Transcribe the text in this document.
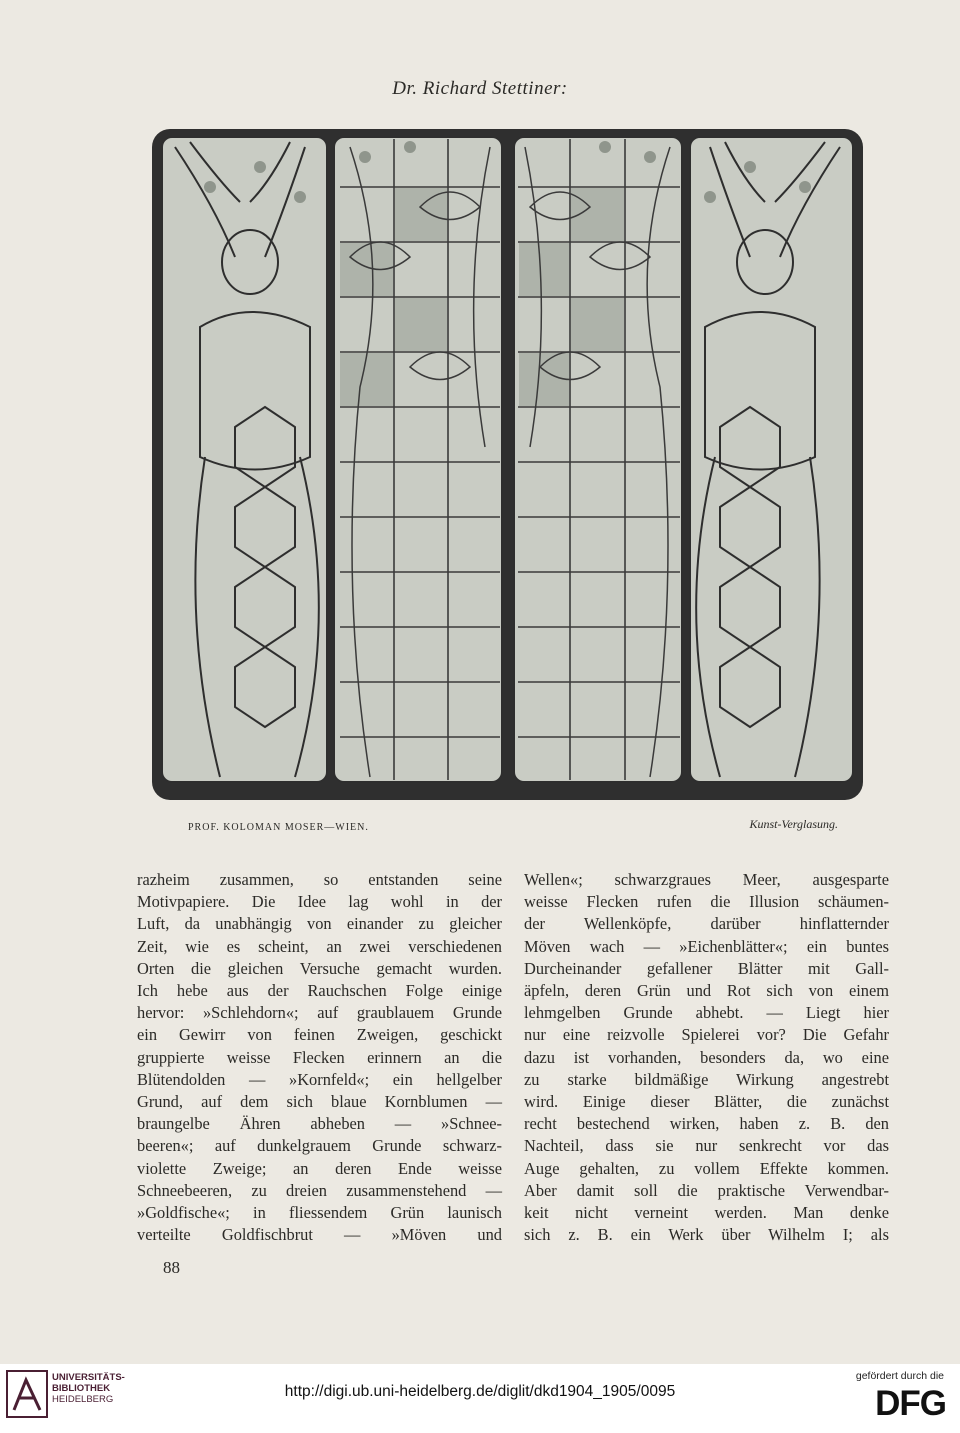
Dr. Richard Stettiner:
PROF. KOLOMAN MOSER—WIEN.	Kunst-Verglasung.
razheim zusammen, so entstanden seine
Motivpapiere. Die Idee lag wohl in der
Luft, da unabhängig von einander zu gleicher
Zeit, wie es scheint, an zwei verschiedenen
Orten die gleichen Versuche gemacht wurden.
Ich hebe aus der Rauchschen Folge einige
hervor: »Schlehdorn«; auf graublauem Grunde
ein Gewirr von feinen Zweigen, geschickt
gruppierte weisse Flecken erinnern an die
Blütendolden — »Kornfeld«; ein hellgelber
Grund, auf dem sich blaue Kornblumen —
braungelbe Ähren abheben — »Schnee-
beeren«; auf dunkelgrauem Grunde schwarz-
violette Zweige; an deren Ende weisse
Schneebeeren, zu dreien zusammenstehend —
»Goldfische«; in fliessendem Grün launisch
verteilte Goldfischbrut — »Möven und
Wellen«; schwarzgraues Meer, ausgesparte
weisse Flecken rufen die Illusion schäumen-
der Wellenköpfe, darüber hinflatternder
Möven wach — »Eichenblätter«; ein buntes
Durcheinander gefallener Blätter mit Gall-
äpfeln, deren Grün und Rot sich von einem
lehmgelben Grunde abhebt. — Liegt hier
nur eine reizvolle Spielerei vor? Die Gefahr
dazu ist vorhanden, besonders da, wo eine
zu starke bildmäßige Wirkung angestrebt
wird. Einige dieser Blätter, die zunächst
recht bestechend wirken, haben z. B. den
Nachteil, dass sie nur senkrecht vor das
Auge gehalten, zu vollem Effekte kommen.
Aber damit soll die praktische Verwendbar-
keit nicht verneint werden. Man denke
sich z. B. ein Werk über Wilhelm I; als
88
UNIVERSITÄTS-
BIBLIOTHEK
HEIDELBERG	http://digi.ub.uni-heidelberg.de/diglit/dkd1904_1905/0095
gefördert durch die
DFG
